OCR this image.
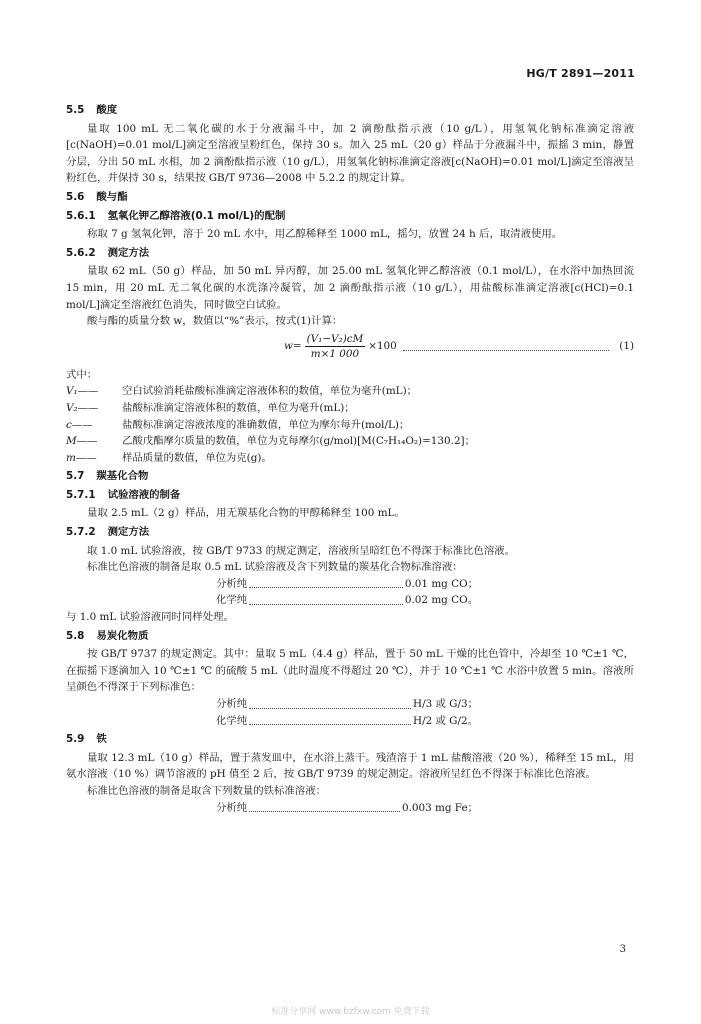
HG/T 2891—2011
5.5 酸度

量取 100 mL 无二氧化碳的水于分液漏斗中，加 2 滴酚酞指示液（10 g/L），用氢氧化钠标准滴定溶液[c(NaOH)=0.01 mol/L]滴定至溶液呈粉红色，保持 30 s。加入 25 mL（20 g）样品于分液漏斗中，振摇 3 min，静置分层，分出 50 mL 水相，加 2 滴酚酞指示液（10 g/L），用氢氧化钠标准滴定溶液[c(NaOH)=0.01 mol/L]滴定至溶液呈粉红色，并保持 30 s，结果按 GB/T 9736—2008 中 5.2.2 的规定计算。

5.6 酸与酯
5.6.1 氢氧化钾乙醇溶液(0.1 mol/L)的配制

称取 7 g 氢氧化钾，溶于 20 mL 水中，用乙醇稀释至 1000 mL，摇匀，放置 24 h 后，取清液使用。

5.6.2 测定方法

量取 62 mL（50 g）样品，加 50 mL 异丙醇，加 25.00 mL 氢氧化钾乙醇溶液（0.1 mol/L），在水浴中加热回流 15 min，用 20 mL 无二氧化碳的水洗涤冷凝管，加 2 滴酚酞指示液（10 g/L），用盐酸标准滴定溶液[c(HCl)=0.1 mol/L]滴定至溶液红色消失，同时做空白试验。

酸与酯的质量分数 w，数值以“%”表示，按式(1)计算：

$w= \frac{\text{(V₁−V₂)cM}}{m\times 1 000} \times 100$	(1)

式中：

V₁——	空白试验消耗盐酸标准滴定溶液体积的数值，单位为毫升(mL)；
V₂——	盐酸标准滴定溶液体积的数值，单位为毫升(mL)；
c——	盐酸标准滴定溶液浓度的准确数值，单位为摩尔每升(mol/L)；
M——	乙酸戊酯摩尔质量的数值，单位为克每摩尔(g/mol)[M(C₇H₁₄O₂)=130.2]；
m——	样品质量的数值，单位为克(g)。
5.7 羰基化合物
5.7.1 试验溶液的制备

量取 2.5 mL（2 g）样品，用无羰基化合物的甲醇稀释至 100 mL。

5.7.2 测定方法

取 1.0 mL 试验溶液，按 GB/T 9733 的规定测定，溶液所呈暗红色不得深于标准比色溶液。

标准比色溶液的制备是取 0.5 mL 试验溶液及含下列数量的羰基化合物标准溶液：

分析纯	0.01 mg CO；
化学纯	0.02 mg CO。

与 1.0 mL 试验溶液同时同样处理。

5.8 易炭化物质

按 GB/T 9737 的规定测定。其中：量取 5 mL（4.4 g）样品，置于 50 mL 干燥的比色管中，冷却至 10 ℃±1 ℃，在振摇下逐滴加入 10 ℃±1 ℃ 的硫酸 5 mL（此时温度不得超过 20 ℃），并于 10 ℃±1 ℃ 水浴中放置 5 min。溶液所呈颜色不得深于下列标准色：

分析纯	H/3 或 G/3；
化学纯	H/2 或 G/2。
5.9 铁

量取 12.3 mL（10 g）样品，置于蒸发皿中，在水浴上蒸干。残渣溶于 1 mL 盐酸溶液（20 %），稀释至 15 mL，用氨水溶液（10 %）调节溶液的 pH 值至 2 后，按 GB/T 9739 的规定测定。溶液所呈红色不得深于标准比色溶液。

标准比色溶液的制备是取含下列数量的铁标准溶液：

分析纯	0.003 mg Fe；
3
标准分享网 www.bzfxw.com 免费下载
